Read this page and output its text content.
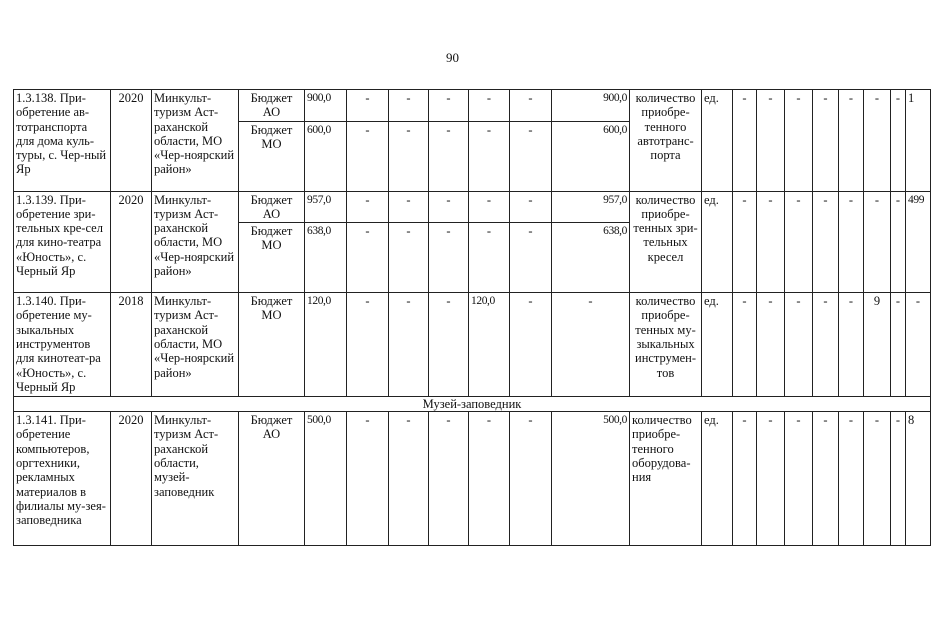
90
1.3.138. При-обретение ав-тотранспорта для дома куль-туры, с. Чер-ный Яр	2020	Минкульт-туризм Аст-раханской области, МО «Чер-ноярский район»	Бюджет АО	900,0	-	-	-	-	-	900,0	количество приобре-тенного автотранс-порта	ед.	-	-	-	-	-	-	-	1
			Бюджет МО	600,0	-	-	-	-	-	600,0										
1.3.139. При-обретение зри-тельных кре-сел для кино-театра «Юность», с. Черный Яр	2020	Минкульт-туризм Аст-раханской области, МО «Чер-ноярский район»	Бюджет АО	957,0	-	-	-	-	-	957,0	количество приобре-тенных зри-тельных кресел	ед.	-	-	-	-	-	-	-	499
			Бюджет МО	638,0	-	-	-	-	-	638,0										
1.3.140. При-обретение му-зыкальных инструментов для кинотеат-ра «Юность», с. Черный Яр	2018	Минкульт-туризм Аст-раханской области, МО «Чер-ноярский район»	Бюджет МО	120,0	-	-	-	120,0	-	-	количество приобре-тенных му-зыкальных инструмен-тов	ед.	-	-	-	-	-	9	-	-
Музей-заповедник																				
1.3.141. При-обретение компьютеров, оргтехники, рекламных материалов в филиалы му-зея-заповедника	2020	Минкульт-туризм Аст-раханской области, музей-заповедник	Бюджет АО	500,0	-	-	-	-	-	500,0	количество приобре-тенного оборудова-ния	ед.	-	-	-	-	-	-	-	8
